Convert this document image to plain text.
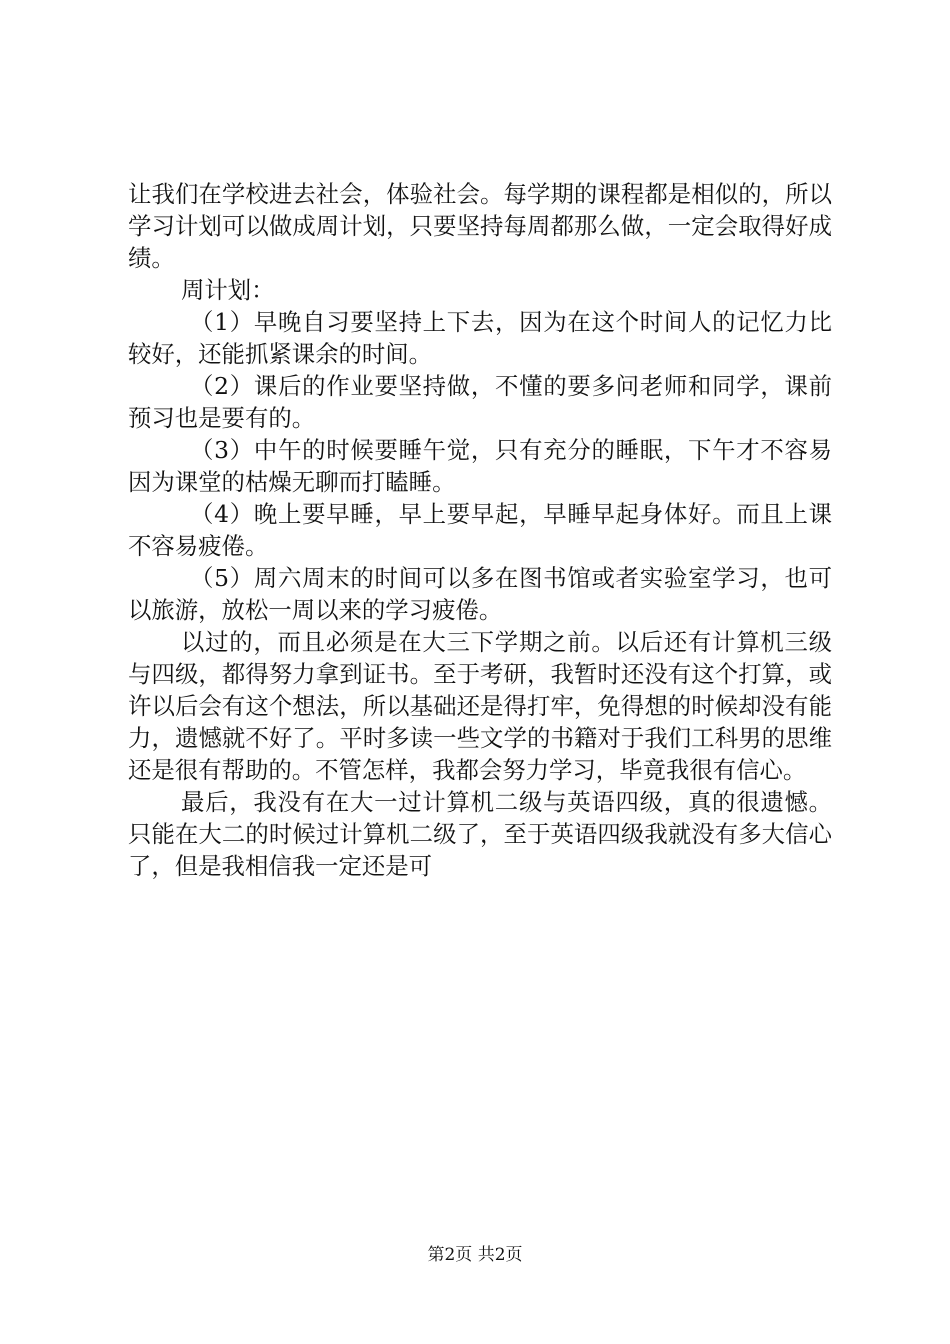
让我们在学校进去社会，体验社会。每学期的课程都是相似的，所以学习计划可以做成周计划，只要坚持每周都那么做，一定会取得好成绩。

周计划：

（1）早晚自习要坚持上下去，因为在这个时间人的记忆力比较好，还能抓紧课余的时间。

（2）课后的作业要坚持做，不懂的要多问老师和同学，课前预习也是要有的。

（3）中午的时候要睡午觉，只有充分的睡眠，下午才不容易因为课堂的枯燥无聊而打瞌睡。

（4）晚上要早睡，早上要早起，早睡早起身体好。而且上课不容易疲倦。

（5）周六周末的时间可以多在图书馆或者实验室学习，也可以旅游，放松一周以来的学习疲倦。

以过的，而且必须是在大三下学期之前。以后还有计算机三级与四级，都得努力拿到证书。至于考研，我暂时还没有这个打算，或许以后会有这个想法，所以基础还是得打牢，免得想的时候却没有能力，遗憾就不好了。平时多读一些文学的书籍对于我们工科男的思维还是很有帮助的。不管怎样，我都会努力学习，毕竟我很有信心。

最后，我没有在大一过计算机二级与英语四级，真的很遗憾。只能在大二的时候过计算机二级了，至于英语四级我就没有多大信心了，但是我相信我一定还是可

第2页 共2页
